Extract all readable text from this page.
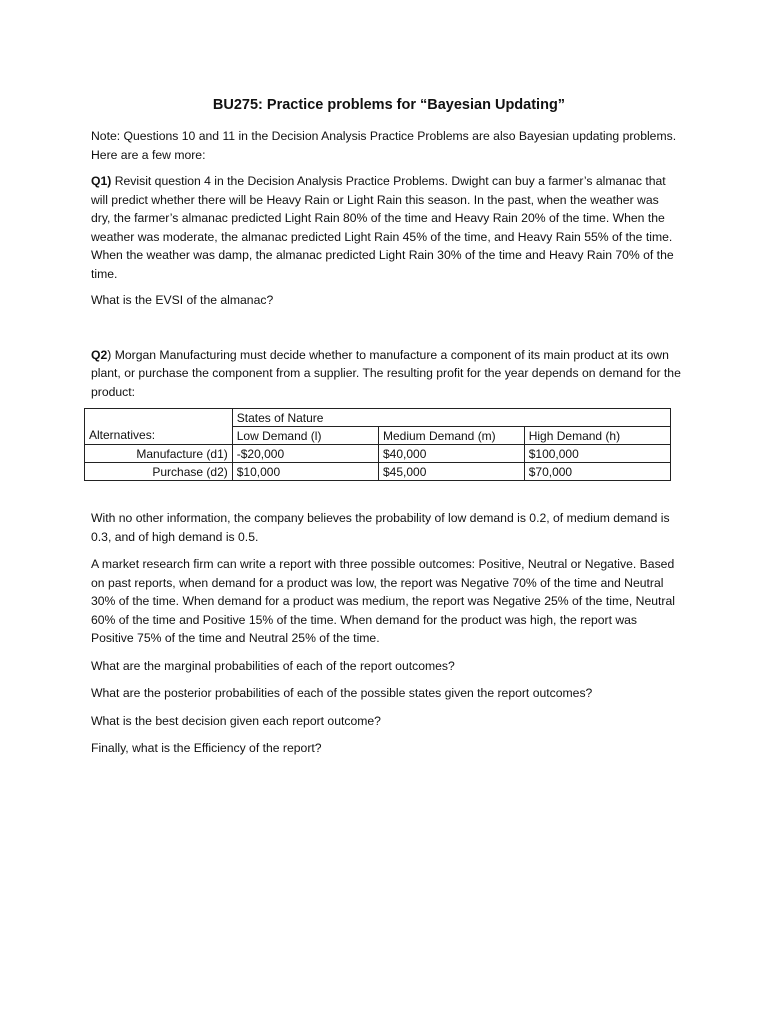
BU275: Practice problems for “Bayesian Updating”

Note: Questions 10 and 11 in the Decision Analysis Practice Problems are also Bayesian updating problems. Here are a few more:

Q1) Revisit question 4 in the Decision Analysis Practice Problems. Dwight can buy a farmer’s almanac that will predict whether there will be Heavy Rain or Light Rain this season. In the past, when the weather was dry, the farmer’s almanac predicted Light Rain 80% of the time and Heavy Rain 20% of the time. When the weather was moderate, the almanac predicted Light Rain 45% of the time, and Heavy Rain 55% of the time. When the weather was damp, the almanac predicted Light Rain 30% of the time and Heavy Rain 70% of the time.

What is the EVSI of the almanac?

Q2) Morgan Manufacturing must decide whether to manufacture a component of its main product at its own plant, or purchase the component from a supplier. The resulting profit for the year depends on demand for the product:

	States of Nature		
Alternatives:	Low Demand (l)	Medium Demand (m)	High Demand (h)
Manufacture (d1)	-$20,000	$40,000	$100,000
Purchase (d2)	$10,000	$45,000	$70,000

With no other information, the company believes the probability of low demand is 0.2, of medium demand is 0.3, and of high demand is 0.5.

A market research firm can write a report with three possible outcomes: Positive, Neutral or Negative. Based on past reports, when demand for a product was low, the report was Negative 70% of the time and Neutral 30% of the time. When demand for a product was medium, the report was Negative 25% of the time, Neutral 60% of the time and Positive 15% of the time. When demand for the product was high, the report was Positive 75% of the time and Neutral 25% of the time.

What are the marginal probabilities of each of the report outcomes?

What are the posterior probabilities of each of the possible states given the report outcomes?

What is the best decision given each report outcome?

Finally, what is the Efficiency of the report?
